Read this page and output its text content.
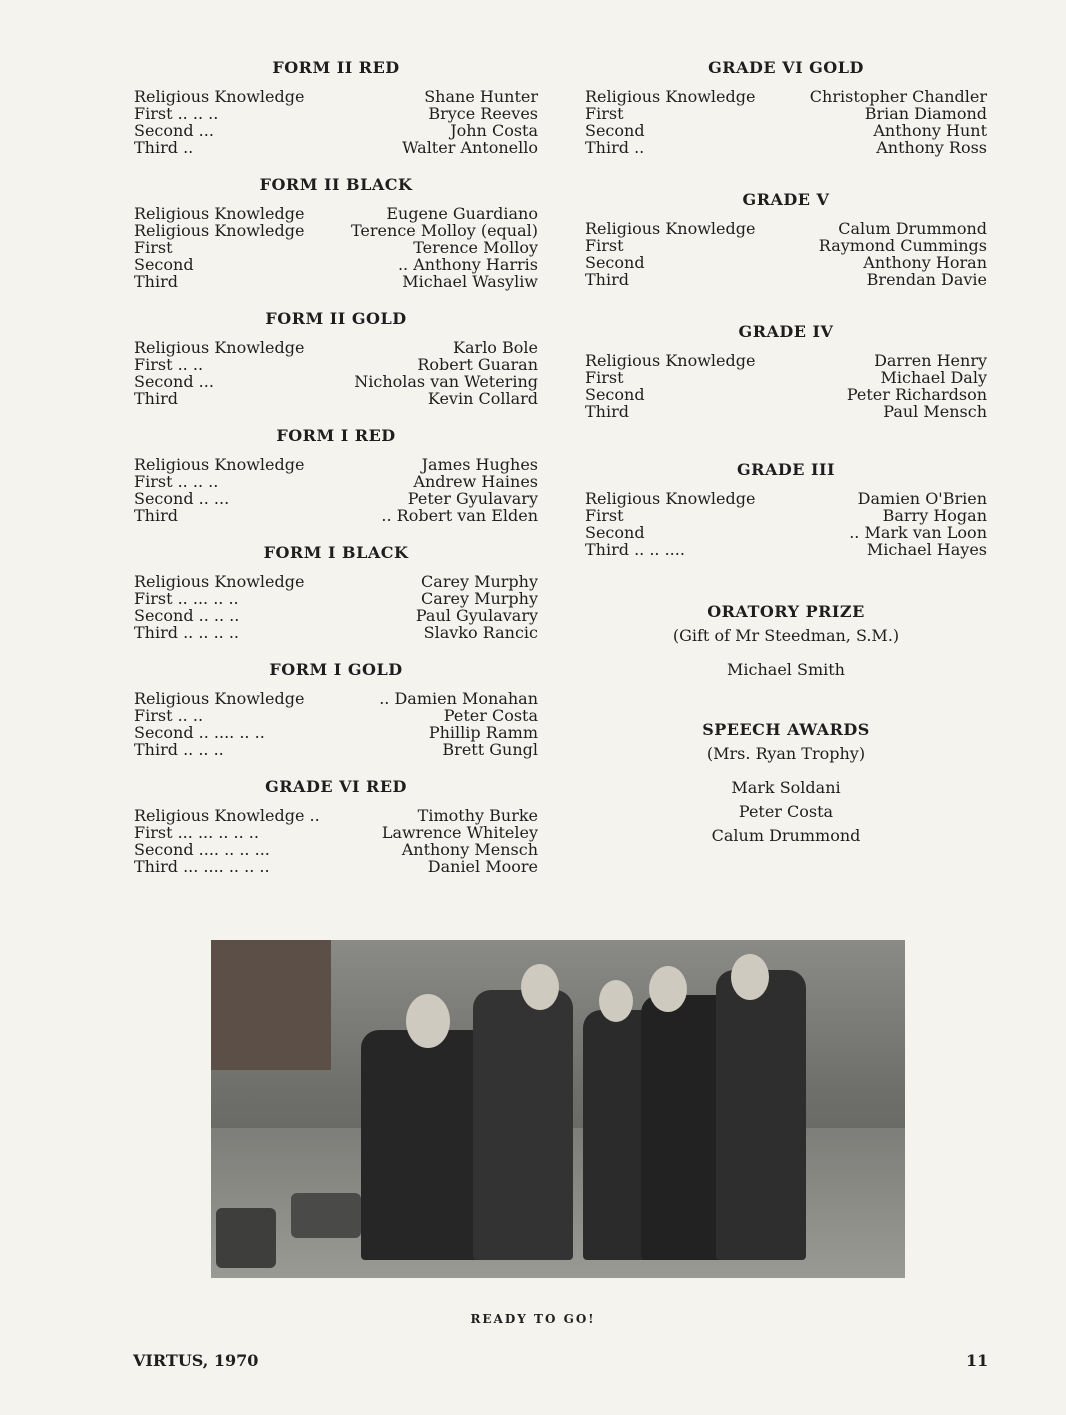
FORM II RED
Religious Knowledge	Shane Hunter
First .. .. ..	Bryce Reeves
Second ...	John Costa
Third ..	Walter Antonello
FORM II BLACK
Religious Knowledge	Eugene Guardiano
Religious Knowledge	Terence Molloy (equal)
First	Terence Molloy
Second	.. Anthony Harris
Third	Michael Wasyliw
FORM II GOLD
Religious Knowledge	Karlo Bole
First .. ..	Robert Guaran
Second ...	Nicholas van Wetering
Third	Kevin Collard
FORM I RED
Religious Knowledge	James Hughes
First .. .. ..	Andrew Haines
Second .. ...	Peter Gyulavary
Third	.. Robert van Elden
FORM I BLACK
Religious Knowledge	Carey Murphy
First .. ... .. ..	Carey Murphy
Second .. .. ..	Paul Gyulavary
Third .. .. .. ..	Slavko Rancic
FORM I GOLD
Religious Knowledge	.. Damien Monahan
First .. ..	Peter Costa
Second .. .... .. ..	Phillip Ramm
Third .. .. ..	Brett Gungl
GRADE VI RED
Religious Knowledge ..	Timothy Burke
First ... ... .. .. ..	Lawrence Whiteley
Second .... .. .. ...	Anthony Mensch
Third ... .... .. .. ..	Daniel Moore
GRADE VI GOLD
Religious Knowledge	Christopher Chandler
First	Brian Diamond
Second	Anthony Hunt
Third ..	Anthony Ross
GRADE V
Religious Knowledge	Calum Drummond
First	Raymond Cummings
Second	Anthony Horan
Third	Brendan Davie
GRADE IV
Religious Knowledge	Darren Henry
First	Michael Daly
Second	Peter Richardson
Third	Paul Mensch
GRADE III
Religious Knowledge	Damien O'Brien
First	Barry Hogan
Second	.. Mark van Loon
Third .. .. ....	Michael Hayes
ORATORY PRIZE
(Gift of Mr Steedman, S.M.)
Michael Smith
SPEECH AWARDS
(Mrs. Ryan Trophy)
Mark Soldani
Peter Costa
Calum Drummond
READY TO GO!
VIRTUS, 1970	11
